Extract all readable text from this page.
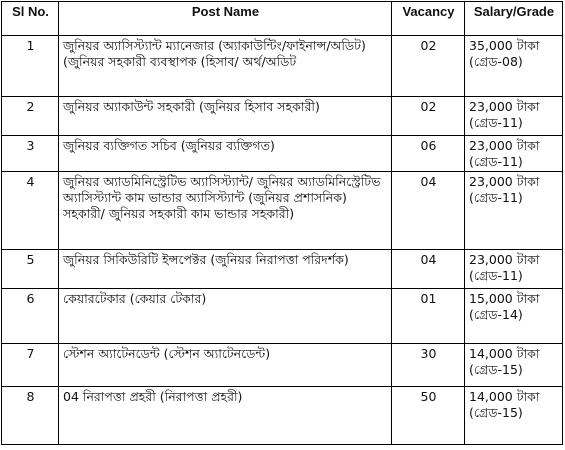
Sl No.	Post Name	Vacancy	Salary/Grade
1	জুনিয়র অ্যাসিস্ট্যান্ট ম্যানেজার (অ্যাকাউন্টিং/ফাইনান্স/অডিট) (জুনিয়র সহকারী ব্যবস্থাপক (হিসাব/ অর্থ/অডিট	02	35,000 টাকা
(গ্রেড-08)

2	জুনিয়র অ্যাকাউন্ট সহকারী (জুনিয়র হিসাব সহকারী)	02	23,000 টাকা
(গ্রেড-11)

3	জুনিয়র ব্যক্তিগত সচিব (জুনিয়র ব্যক্তিগত)	06	23,000 টাকা
(গ্রেড-11)

4	জুনিয়র অ্যাডমিনিস্ট্রেটিভ অ্যাসিস্ট্যান্ট/ জুনিয়র অ্যাডমিনিস্ট্রেটিভ অ্যাসিস্ট্যান্ট কাম ভান্ডার অ্যাসিস্ট্যান্ট (জুনিয়র প্রশাসনিক) সহকারী/ জুনিয়র সহকারী কাম ভান্ডার সহকারী)	04	23,000 টাকা
(গ্রেড-11)

5	জুনিয়র সিকিউরিটি ইন্সপেক্টর (জুনিয়র নিরাপত্তা পরিদর্শক)	04	23,000 টাকা
(গ্রেড-11)

6	কেয়ারটেকার (কেয়ার টেকার)	01	15,000 টাকা
(গ্রেড-14)

7	স্টেশন অ্যাটেনডেন্ট (স্টেশন অ্যাটেনডেন্ট)	30	14,000 টাকা
(গ্রেড-15)

8	04 নিরাপত্তা প্রহরী (নিরাপত্তা প্রহরী)	50	14,000 টাকা
(গ্রেড-15)
